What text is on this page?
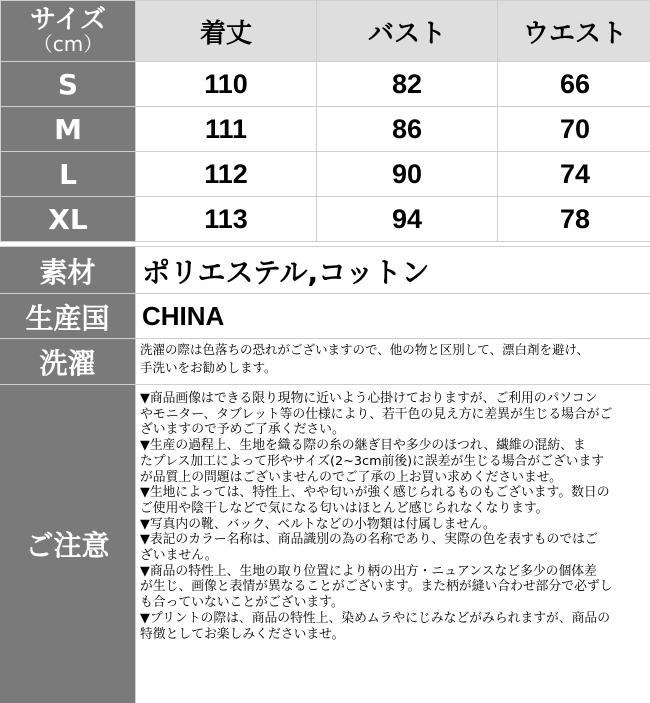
サイズ
（cm）	着丈	バスト	ウエスト
S	110	82	66
M	111	86	70
L	112	90	74
XL	113	94	78
素材	ポリエステル,コットン
生産国	CHINA
洗濯	洗濯の際は色落ちの恐れがございますので、他の物と区別して、漂白剤を避け、
手洗いをお勧めします。
ご注意
▼商品画像はできる限り現物に近いよう心掛けておりますが、ご利用のパソコン
やモニター、タブレット等の仕様により、若干色の見え方に差異が生じる場合がご
ざいますので予めご了承ください。
▼生産の過程上、生地を織る際の糸の継ぎ目や多少のほつれ、繊維の混紡、ま
たプレス加工によって形やサイズ(2~3cm前後)に誤差が生じる場合がございます
が品質上の問題はございませんのでご了承の上お買い求めくださいませ。
▼生地によっては、特性上、やや匂いが強く感じられるものもございます。数日の
ご使用や陰干しなどで気になる匂いはほとんど感じられなくなります。
▼写真内の靴、バック、ベルトなどの小物類は付属しません。
▼表記のカラー名称は、商品識別の為の名称であり、実際の色を表すものではご
ざいません。
▼商品の特性上、生地の取り位置により柄の出方・ニュアンスなど多少の個体差
が生じ、画像と表情が異なることがございます。また柄が縫い合わせ部分で必ずし
も合っていないことがございます。
▼プリントの際は、商品の特性上、染めムラやにじみなどがみられますが、商品の
特徴としてお楽しみくださいませ。
